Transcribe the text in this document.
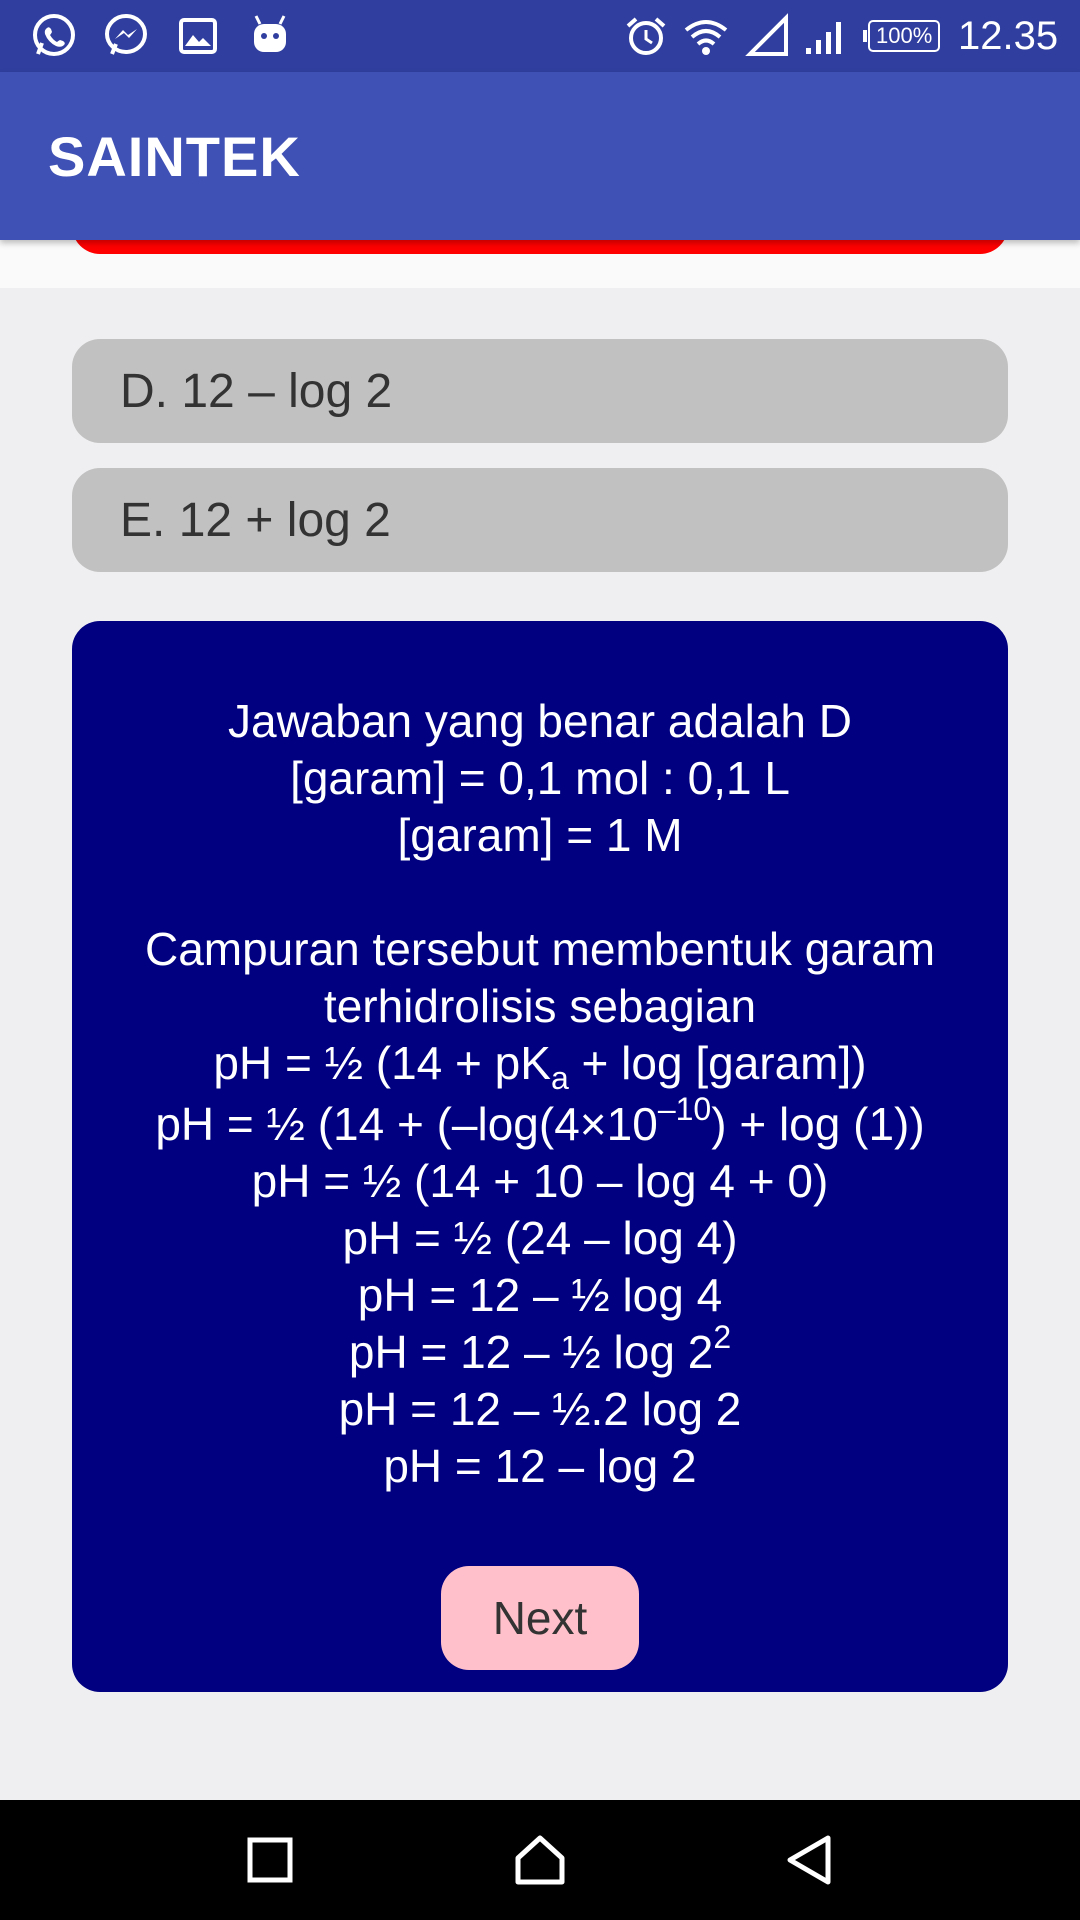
100% 12.35
SAINTEK
D. 12 – log 2
E. 12 + log 2
Jawaban yang benar adalah D
[garam] = 0,1 mol : 0,1 L
[garam] = 1 M
Campuran tersebut membentuk garam
terhidrolisis sebagian
pH = ½ ($14 + pK_a + \log$ [garam])
pH = ½ ($14 + (-\log(4\times 10^{-10}) + \log (1))$
pH = ½ (14 + 10 – log 4 + 0)
pH = ½ (24 – log 4)
pH = 12 – ½ log 4
pH = 12 – ½ $\log 2^2$
pH = 12 – ½.2 log 2
pH = 12 – log 2
Next
